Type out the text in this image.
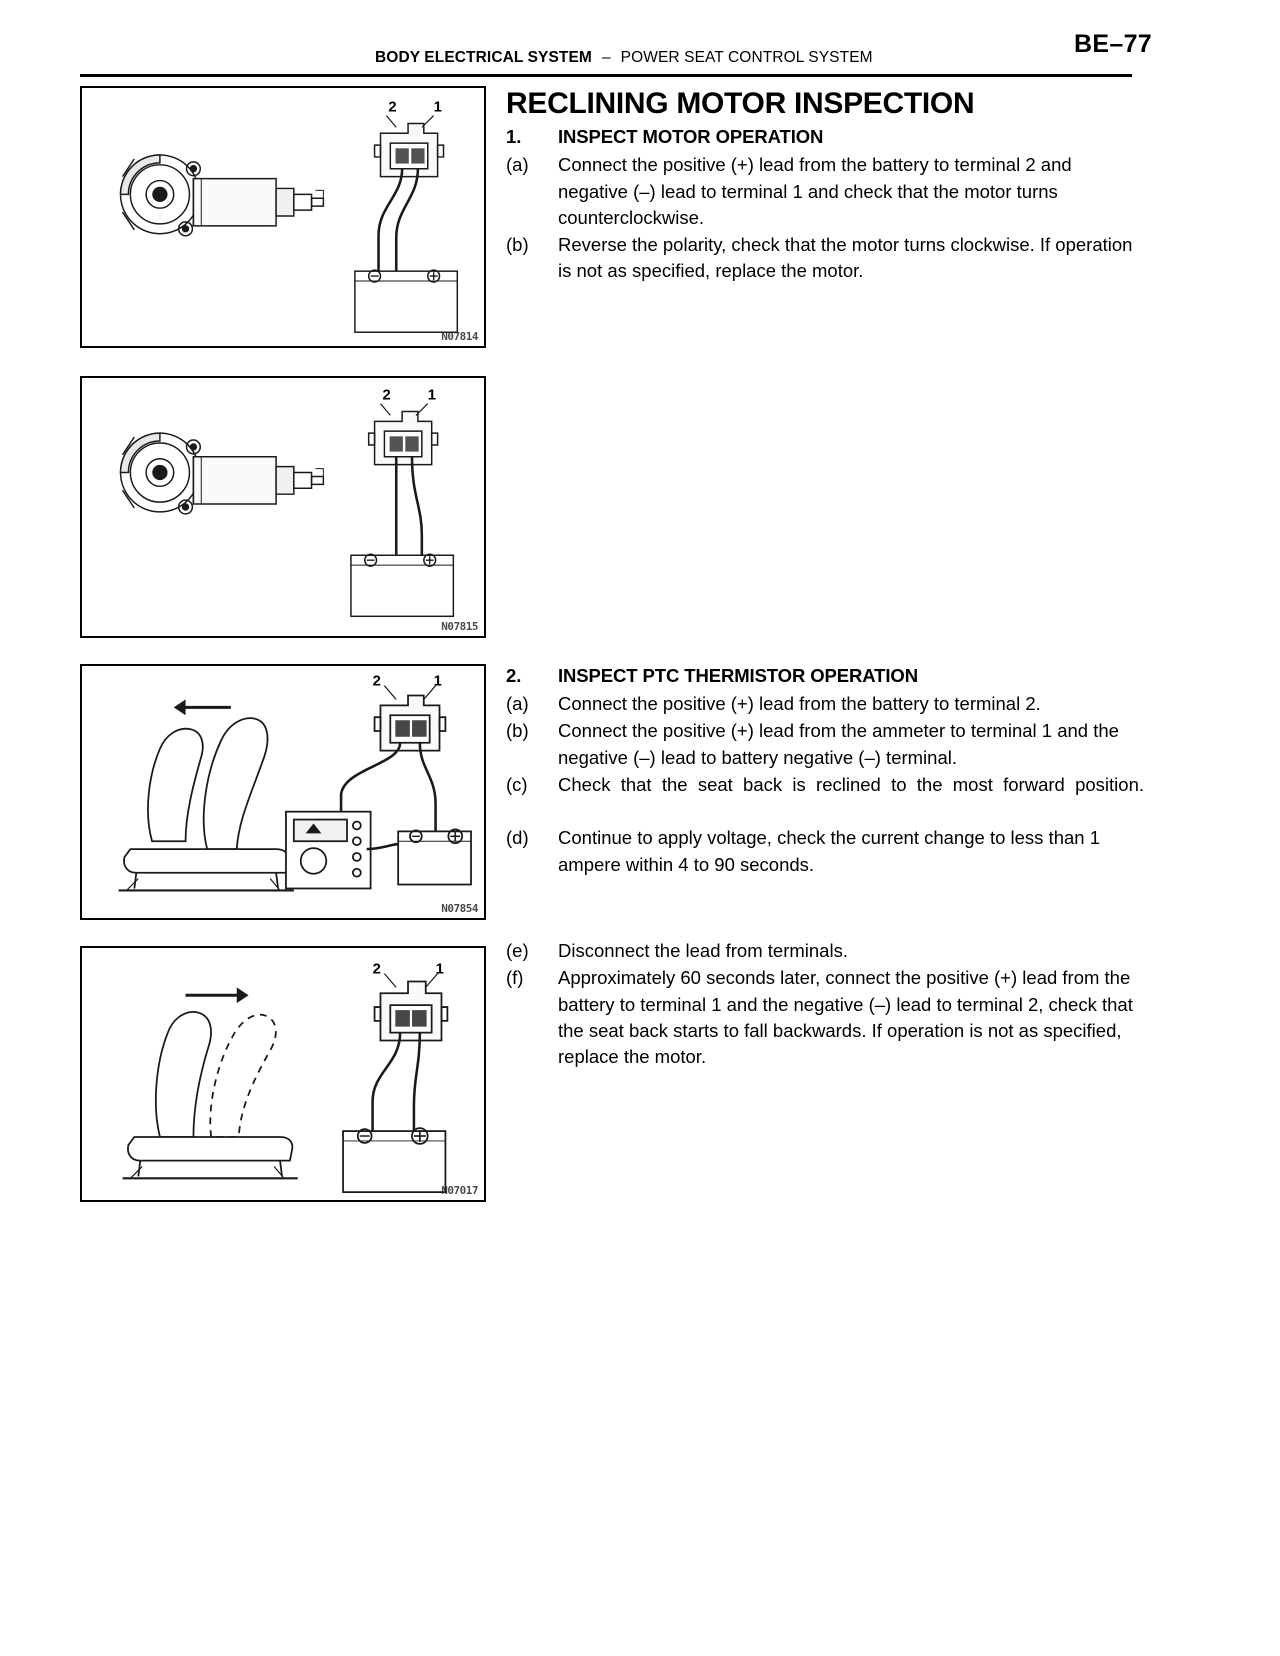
BODY ELECTRICAL SYSTEM – POWER SEAT CONTROL SYSTEM	BE–77
2 1
N07814
2 1
N07815
2	1
N07854
2	1
N07017
RECLINING MOTOR INSPECTION
1.	INSPECT MOTOR OPERATION
(a)	Connect the positive (+) lead from the battery to terminal 2 and negative (–) lead to terminal 1 and check that the motor turns counterclockwise.
(b)	Reverse the polarity, check that the motor turns clockwise. If operation is not as specified, replace the motor.
2.	INSPECT PTC THERMISTOR OPERATION
(a)	Connect the positive (+) lead from the battery to terminal 2.
(b)	Connect the positive (+) lead from the ammeter to terminal 1 and the negative (–) lead to battery negative (–) terminal.
(c)	Check that the seat back is reclined to the most forward position.
(d)	Continue to apply voltage, check the current change to less than 1 ampere within 4 to 90 seconds.
(e)	Disconnect the lead from terminals.
(f)	Approximately 60 seconds later, connect the positive (+) lead from the battery to terminal 1 and the negative (–) lead to terminal 2, check that the seat back starts to fall backwards. If operation is not as specified, replace the motor.
